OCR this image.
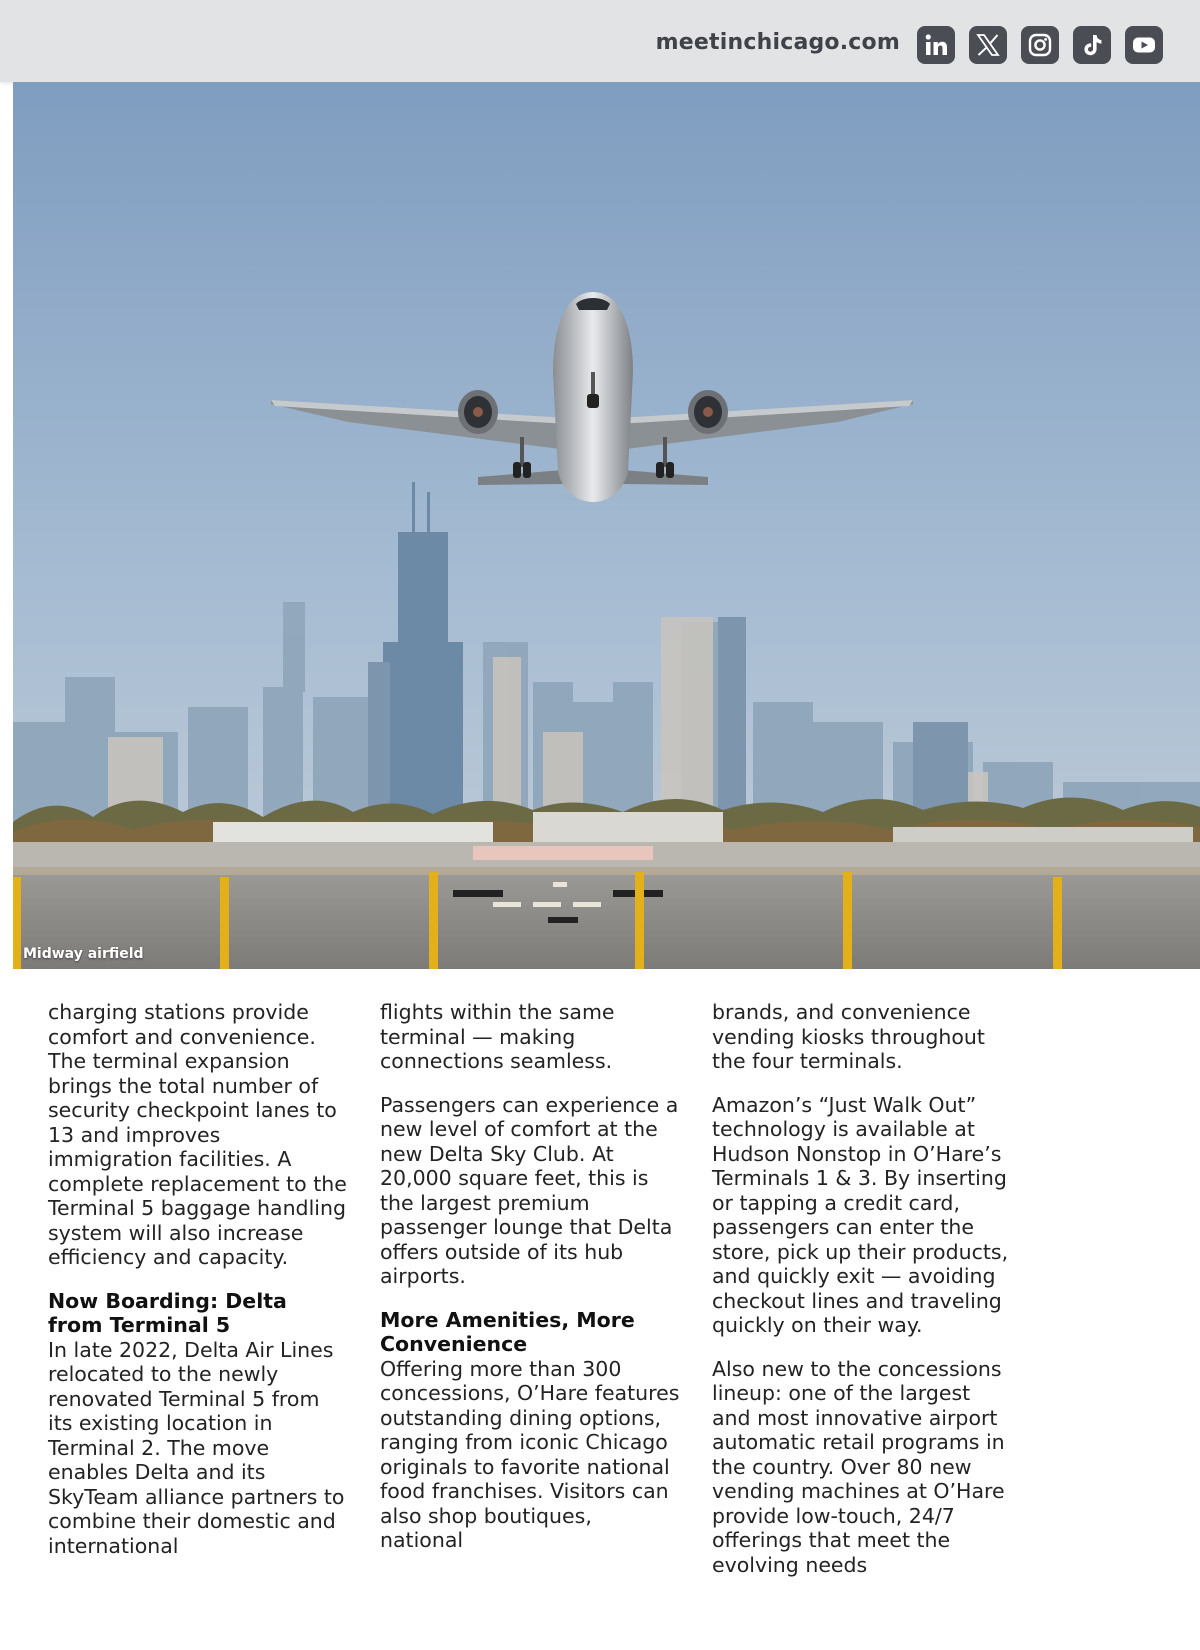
meetinchicago.com
Midway airfield

charging stations provide comfort and convenience. The terminal expansion brings the total number of security checkpoint lanes to 13 and improves immigration facilities. A complete replacement to the Terminal 5 baggage handling system will also increase efficiency and capacity.

Now Boarding: Delta from Terminal 5

In late 2022, Delta Air Lines relocated to the newly renovated Terminal 5 from its existing location in Terminal 2. The move enables Delta and its SkyTeam alliance partners to combine their domestic and international

flights within the same terminal — making connections seamless.

Passengers can experience a new level of comfort at the new Delta Sky Club. At 20,000 square feet, this is the largest premium passenger lounge that Delta offers outside of its hub airports.

More Amenities, More Convenience

Offering more than 300 concessions, O’Hare features outstanding dining options, ranging from iconic Chicago originals to favorite national food franchises. Visitors can also shop boutiques, national

brands, and convenience vending kiosks throughout the four terminals.

Amazon’s “Just Walk Out” technology is available at Hudson Nonstop in O’Hare’s Terminals 1 & 3. By inserting or tapping a credit card, passengers can enter the store, pick up their products, and quickly exit — avoiding checkout lines and traveling quickly on their way.

Also new to the concessions lineup: one of the largest and most innovative airport automatic retail programs in the country. Over 80 new vending machines at O’Hare provide low-touch, 24/7 offerings that meet the evolving needs
